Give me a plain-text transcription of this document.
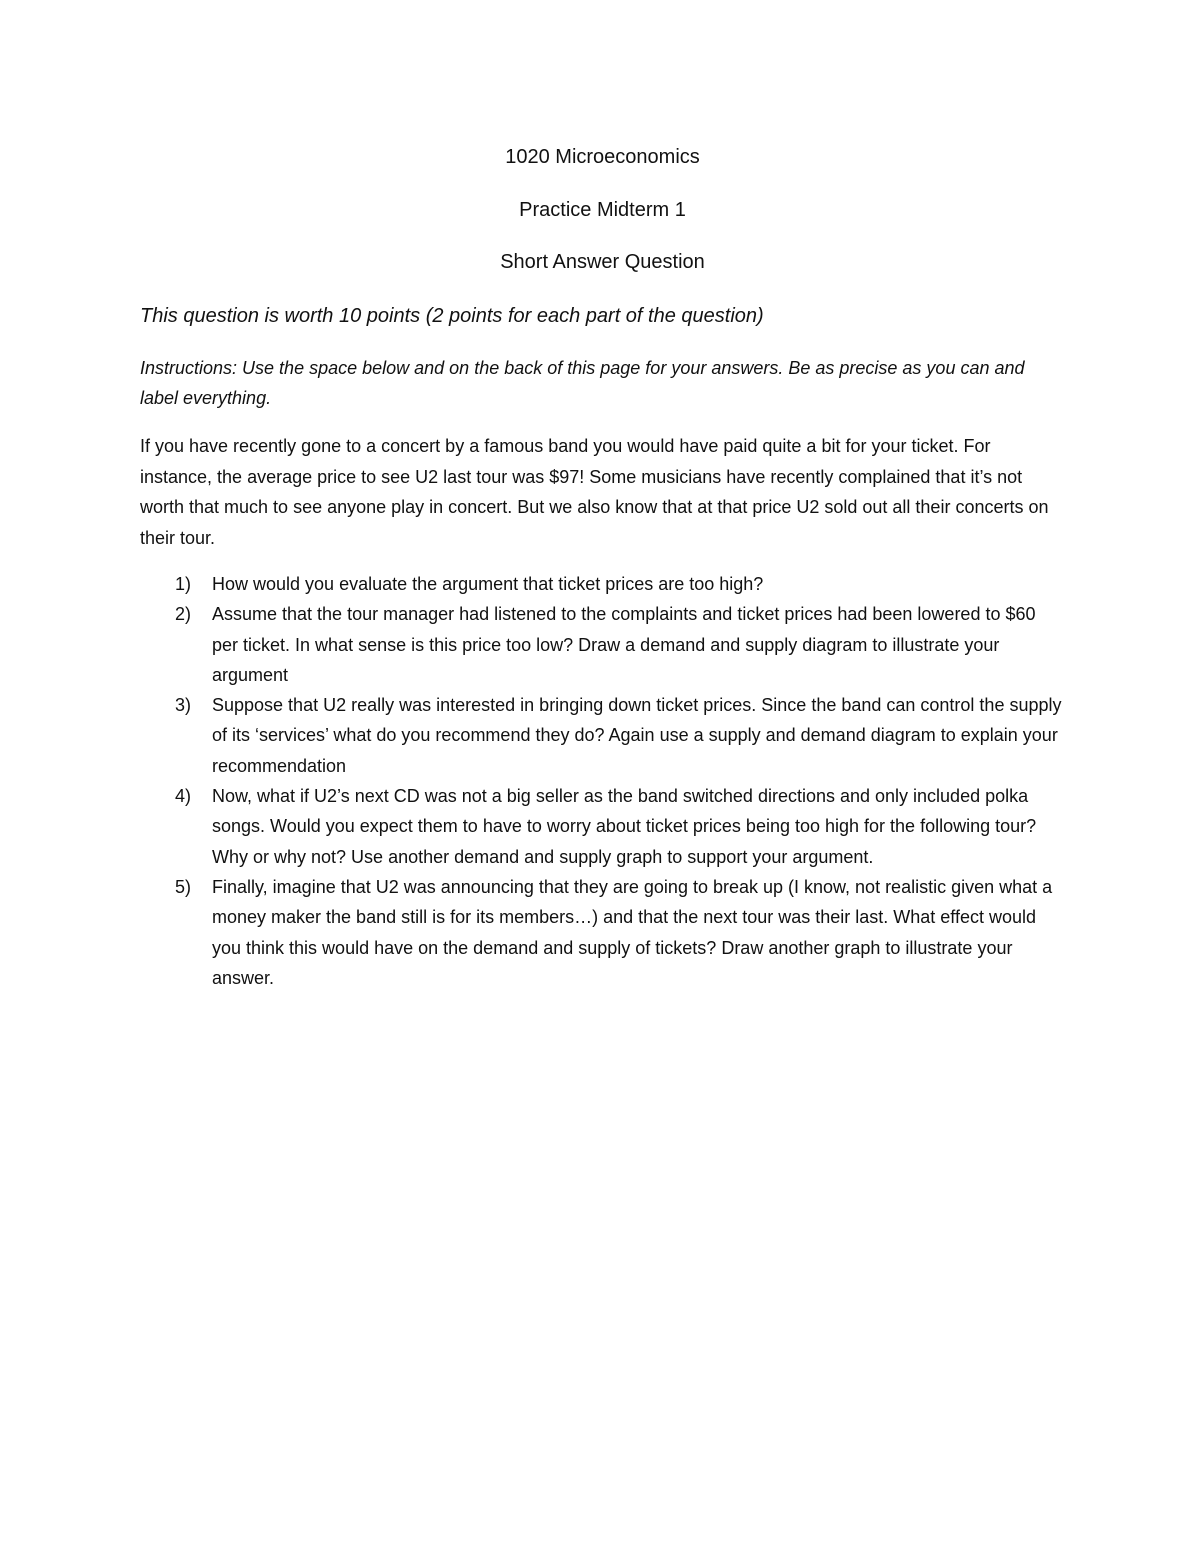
1020 Microeconomics
Practice Midterm 1
Short Answer Question

This question is worth 10 points (2 points for each part of the question)

Instructions: Use the space below and on the back of this page for your answers. Be as precise as you can and label everything.

If you have recently gone to a concert by a famous band you would have paid quite a bit for your ticket. For instance, the average price to see U2 last tour was $97! Some musicians have recently complained that it’s not worth that much to see anyone play in concert. But we also know that at that price U2 sold out all their concerts on their tour.

1) How would you evaluate the argument that ticket prices are too high?
2) Assume that the tour manager had listened to the complaints and ticket prices had been lowered to $60 per ticket. In what sense is this price too low? Draw a demand and supply diagram to illustrate your argument
3) Suppose that U2 really was interested in bringing down ticket prices. Since the band can control the supply of its ‘services’ what do you recommend they do? Again use a supply and demand diagram to explain your recommendation
4) Now, what if U2’s next CD was not a big seller as the band switched directions and only included polka songs. Would you expect them to have to worry about ticket prices being too high for the following tour? Why or why not? Use another demand and supply graph to support your argument.
5) Finally, imagine that U2 was announcing that they are going to break up (I know, not realistic given what a money maker the band still is for its members…) and that the next tour was their last. What effect would you think this would have on the demand and supply of tickets? Draw another graph to illustrate your answer.
